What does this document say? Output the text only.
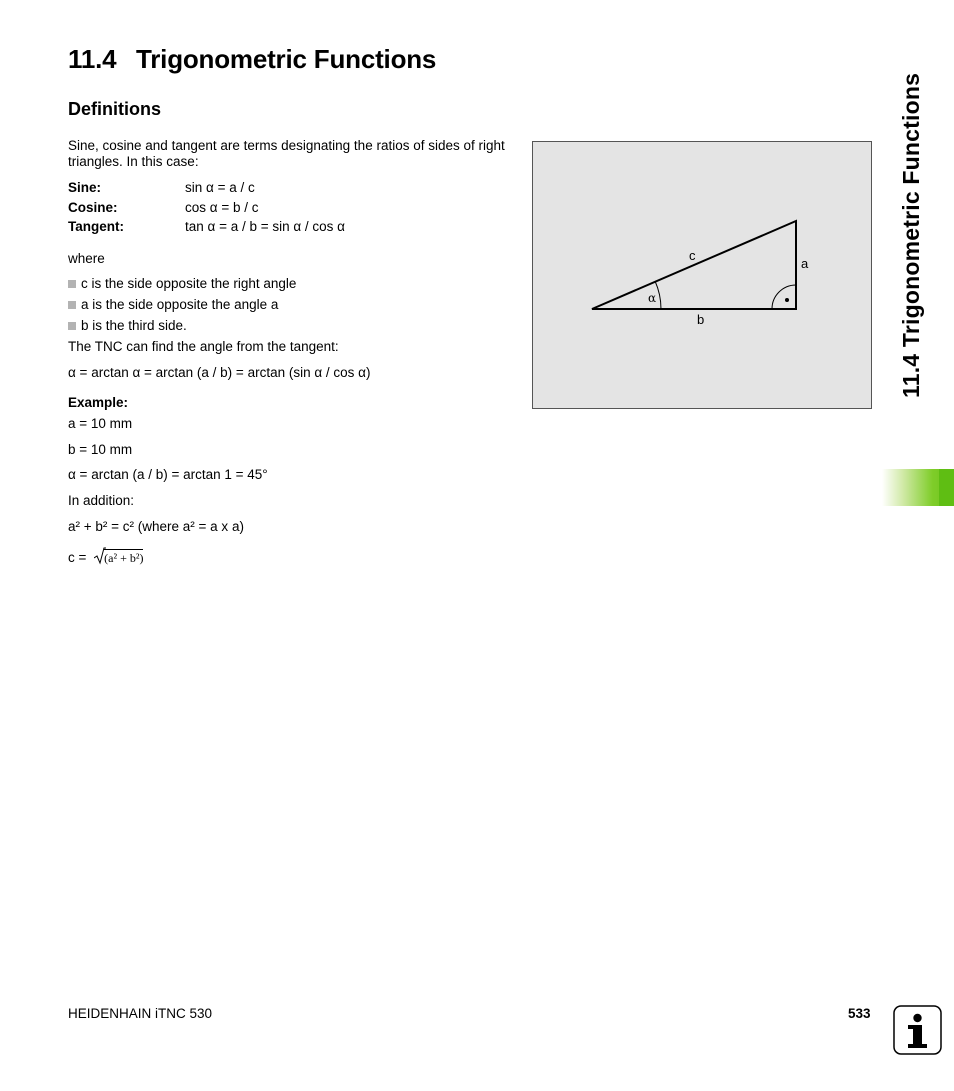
11.4 Trigonometric Functions
Definitions
Sine, cosine and tangent are terms designating the ratios of sides of right triangles. In this case:
Sine:	sin α = a / c
Cosine:	cos α = b / c
Tangent:	tan α = a / b = sin α / cos α
where
c is the side opposite the right angle
a is the side opposite the angle a
b is the third side.
The TNC can find the angle from the tangent:
α = arctan α = arctan (a / b) = arctan (sin α / cos α)
Example:
a = 10 mm
b = 10 mm
α = arctan (a / b) = arctan 1 = 45°
In addition:
a² + b² = c² (where a² = a x a)
c = (a² + b²)
c
a
b
α	11.4 Trigonometric Functions
HEIDENHAIN iTNC 530	533
